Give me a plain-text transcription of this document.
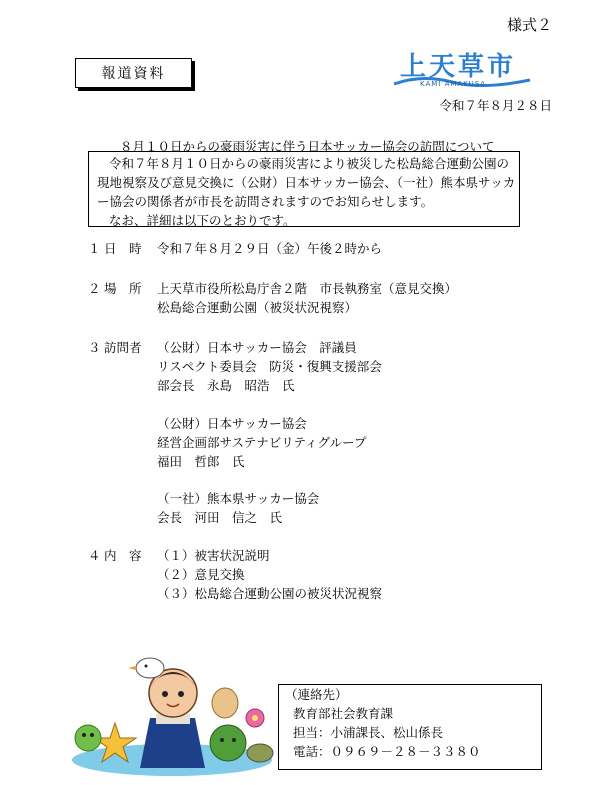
様式２
報道資料	上天草市
KAMI AMAKUSA
令和７年８月２８日
８月１０日からの豪雨災害に伴う日本サッカー協会の訪問について
令和７年８月１０日からの豪雨災害により被災した松島総合運動公園の
現地視察及び意見交換に（公財）日本サッカー協会、（一社）熊本県サッカ
ー協会の関係者が市長を訪問されますのでお知らせします。
なお、詳細は以下のとおりです。
１ 日　時 令和７年８月２９日（金）午後２時から
２ 場　所 上天草市役所松島庁舎２階　市長執務室（意見交換）
松島総合運動公園（被災状況視察）
３ 訪問者 （公財）日本サッカー協会　評議員
リスペクト委員会　防災・復興支援部会
部会長　永島　昭浩　氏
（公財）日本サッカー協会
経営企画部サステナビリティグループ
福田　哲郎　氏
（一社）熊本県サッカー協会
会長　河田　信之　氏
４ 内　容 （１）被害状況説明
（２）意見交換
（３）松島総合運動公園の被災状況視察
（連絡先）
教育部社会教育課
担当：小浦課長、松山係長
電話：０９６９－２８－３３８０
